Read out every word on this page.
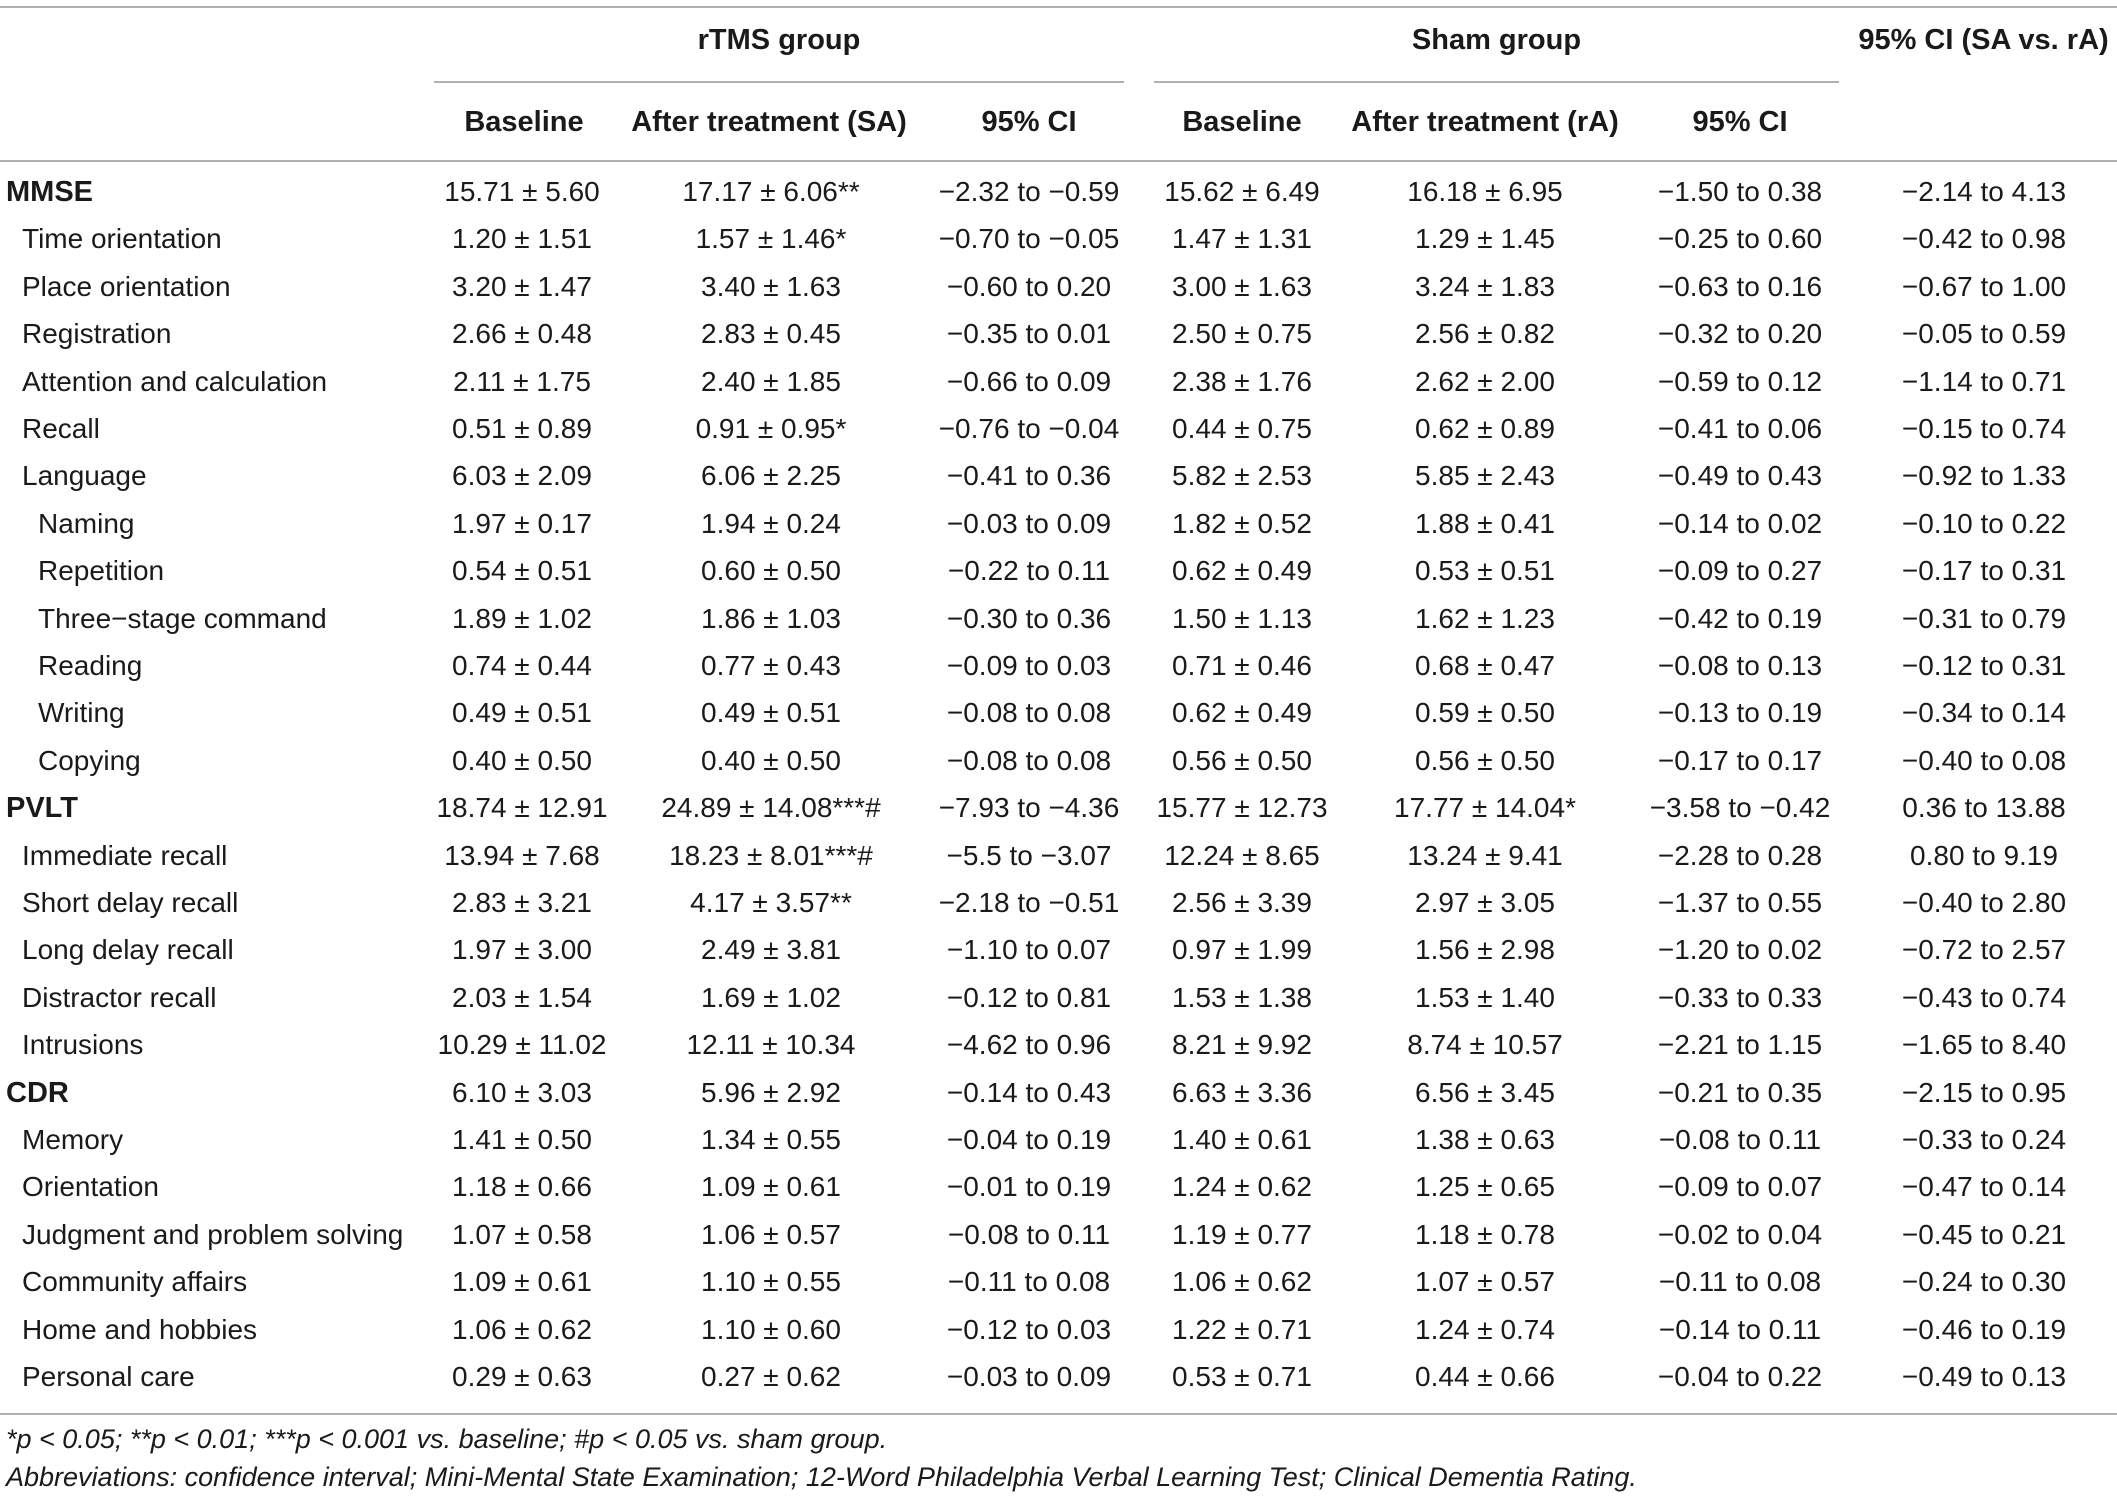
rTMS group	Sham group	95% CI (SA vs. rA)
Baseline	After treatment (SA)	95% CI	Baseline	After treatment (rA)	95% CI
MMSE	15.71 ± 5.60	17.17 ± 6.06**	−2.32 to −0.59	15.62 ± 6.49	16.18 ± 6.95	−1.50 to 0.38	−2.14 to 4.13
Time orientation	1.20 ± 1.51	1.57 ± 1.46*	−0.70 to −0.05	1.47 ± 1.31	1.29 ± 1.45	−0.25 to 0.60	−0.42 to 0.98
Place orientation	3.20 ± 1.47	3.40 ± 1.63	−0.60 to 0.20	3.00 ± 1.63	3.24 ± 1.83	−0.63 to 0.16	−0.67 to 1.00
Registration	2.66 ± 0.48	2.83 ± 0.45	−0.35 to 0.01	2.50 ± 0.75	2.56 ± 0.82	−0.32 to 0.20	−0.05 to 0.59
Attention and calculation	2.11 ± 1.75	2.40 ± 1.85	−0.66 to 0.09	2.38 ± 1.76	2.62 ± 2.00	−0.59 to 0.12	−1.14 to 0.71
Recall	0.51 ± 0.89	0.91 ± 0.95*	−0.76 to −0.04	0.44 ± 0.75	0.62 ± 0.89	−0.41 to 0.06	−0.15 to 0.74
Language	6.03 ± 2.09	6.06 ± 2.25	−0.41 to 0.36	5.82 ± 2.53	5.85 ± 2.43	−0.49 to 0.43	−0.92 to 1.33
Naming	1.97 ± 0.17	1.94 ± 0.24	−0.03 to 0.09	1.82 ± 0.52	1.88 ± 0.41	−0.14 to 0.02	−0.10 to 0.22
Repetition	0.54 ± 0.51	0.60 ± 0.50	−0.22 to 0.11	0.62 ± 0.49	0.53 ± 0.51	−0.09 to 0.27	−0.17 to 0.31
Three−stage command	1.89 ± 1.02	1.86 ± 1.03	−0.30 to 0.36	1.50 ± 1.13	1.62 ± 1.23	−0.42 to 0.19	−0.31 to 0.79
Reading	0.74 ± 0.44	0.77 ± 0.43	−0.09 to 0.03	0.71 ± 0.46	0.68 ± 0.47	−0.08 to 0.13	−0.12 to 0.31
Writing	0.49 ± 0.51	0.49 ± 0.51	−0.08 to 0.08	0.62 ± 0.49	0.59 ± 0.50	−0.13 to 0.19	−0.34 to 0.14
Copying	0.40 ± 0.50	0.40 ± 0.50	−0.08 to 0.08	0.56 ± 0.50	0.56 ± 0.50	−0.17 to 0.17	−0.40 to 0.08
PVLT	18.74 ± 12.91	24.89 ± 14.08***#	−7.93 to −4.36	15.77 ± 12.73	17.77 ± 14.04*	−3.58 to −0.42	0.36 to 13.88
Immediate recall	13.94 ± 7.68	18.23 ± 8.01***#	−5.5 to −3.07	12.24 ± 8.65	13.24 ± 9.41	−2.28 to 0.28	0.80 to 9.19
Short delay recall	2.83 ± 3.21	4.17 ± 3.57**	−2.18 to −0.51	2.56 ± 3.39	2.97 ± 3.05	−1.37 to 0.55	−0.40 to 2.80
Long delay recall	1.97 ± 3.00	2.49 ± 3.81	−1.10 to 0.07	0.97 ± 1.99	1.56 ± 2.98	−1.20 to 0.02	−0.72 to 2.57
Distractor recall	2.03 ± 1.54	1.69 ± 1.02	−0.12 to 0.81	1.53 ± 1.38	1.53 ± 1.40	−0.33 to 0.33	−0.43 to 0.74
Intrusions	10.29 ± 11.02	12.11 ± 10.34	−4.62 to 0.96	8.21 ± 9.92	8.74 ± 10.57	−2.21 to 1.15	−1.65 to 8.40
CDR	6.10 ± 3.03	5.96 ± 2.92	−0.14 to 0.43	6.63 ± 3.36	6.56 ± 3.45	−0.21 to 0.35	−2.15 to 0.95
Memory	1.41 ± 0.50	1.34 ± 0.55	−0.04 to 0.19	1.40 ± 0.61	1.38 ± 0.63	−0.08 to 0.11	−0.33 to 0.24
Orientation	1.18 ± 0.66	1.09 ± 0.61	−0.01 to 0.19	1.24 ± 0.62	1.25 ± 0.65	−0.09 to 0.07	−0.47 to 0.14
Judgment and problem solving	1.07 ± 0.58	1.06 ± 0.57	−0.08 to 0.11	1.19 ± 0.77	1.18 ± 0.78	−0.02 to 0.04	−0.45 to 0.21
Community affairs	1.09 ± 0.61	1.10 ± 0.55	−0.11 to 0.08	1.06 ± 0.62	1.07 ± 0.57	−0.11 to 0.08	−0.24 to 0.30
Home and hobbies	1.06 ± 0.62	1.10 ± 0.60	−0.12 to 0.03	1.22 ± 0.71	1.24 ± 0.74	−0.14 to 0.11	−0.46 to 0.19
Personal care	0.29 ± 0.63	0.27 ± 0.62	−0.03 to 0.09	0.53 ± 0.71	0.44 ± 0.66	−0.04 to 0.22	−0.49 to 0.13
*p < 0.05; **p < 0.01; ***p < 0.001 vs. baseline; #p < 0.05 vs. sham group.
Abbreviations: confidence interval; Mini-Mental State Examination; 12-Word Philadelphia Verbal Learning Test; Clinical Dementia Rating.
